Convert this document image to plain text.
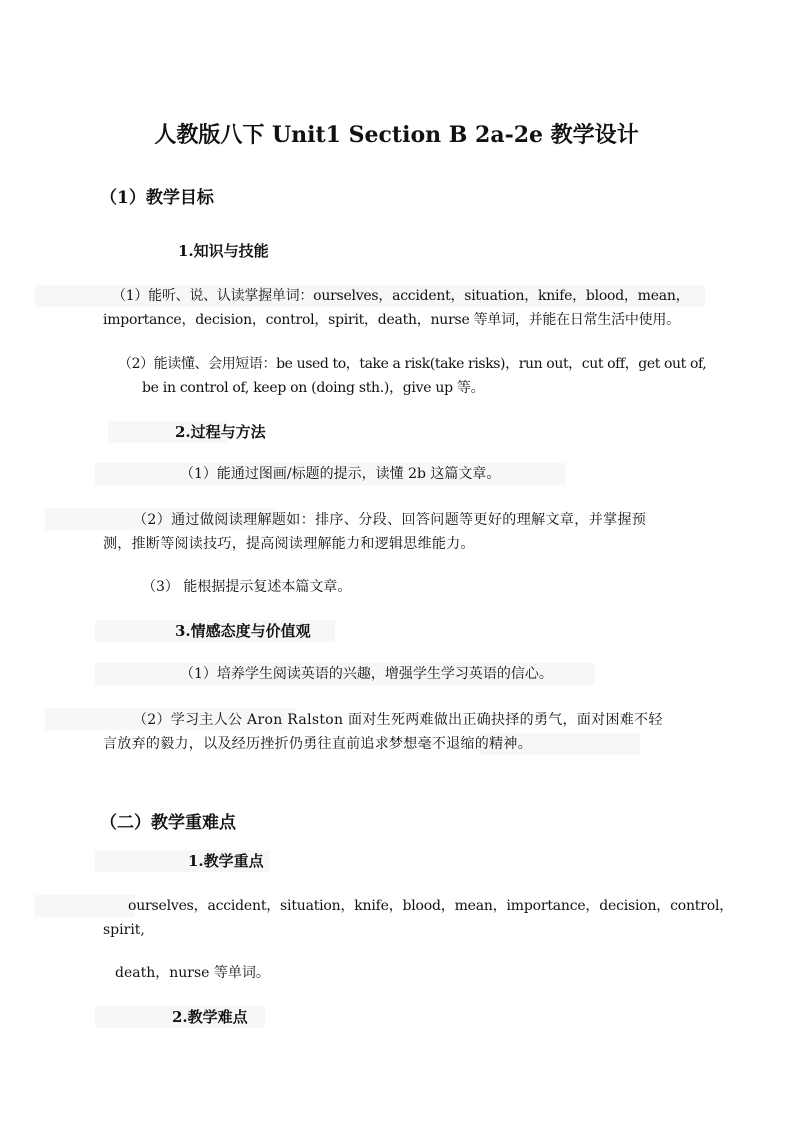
人教版八下 Unit1 Section B 2a-2e 教学设计
（1）教学目标
1.知识与技能
（1）能听、说、认读掌握单词：ourselves，accident，situation，knife，blood，mean，
importance，decision，control，spirit，death，nurse 等单词，并能在日常生活中使用。
（2）能读懂、会用短语：be used to，take a risk(take risks)，run out，cut off，get out of,
be in control of, keep on (doing sth.)，give up 等。
2.过程与方法
（1）能通过图画/标题的提示，读懂 2b 这篇文章。
（2）通过做阅读理解题如：排序、分段、回答问题等更好的理解文章，并掌握预
测，推断等阅读技巧，提高阅读理解能力和逻辑思维能力。
（3） 能根据提示复述本篇文章。
3.情感态度与价值观
（1）培养学生阅读英语的兴趣，增强学生学习英语的信心。
（2）学习主人公 Aron Ralston 面对生死两难做出正确抉择的勇气，面对困难不轻
言放弃的毅力，以及经历挫折仍勇往直前追求梦想毫不退缩的精神。
（二）教学重难点
1.教学重点
ourselves，accident，situation，knife，blood，mean，importance，decision，control，
spirit,
death，nurse 等单词。
2.教学难点
